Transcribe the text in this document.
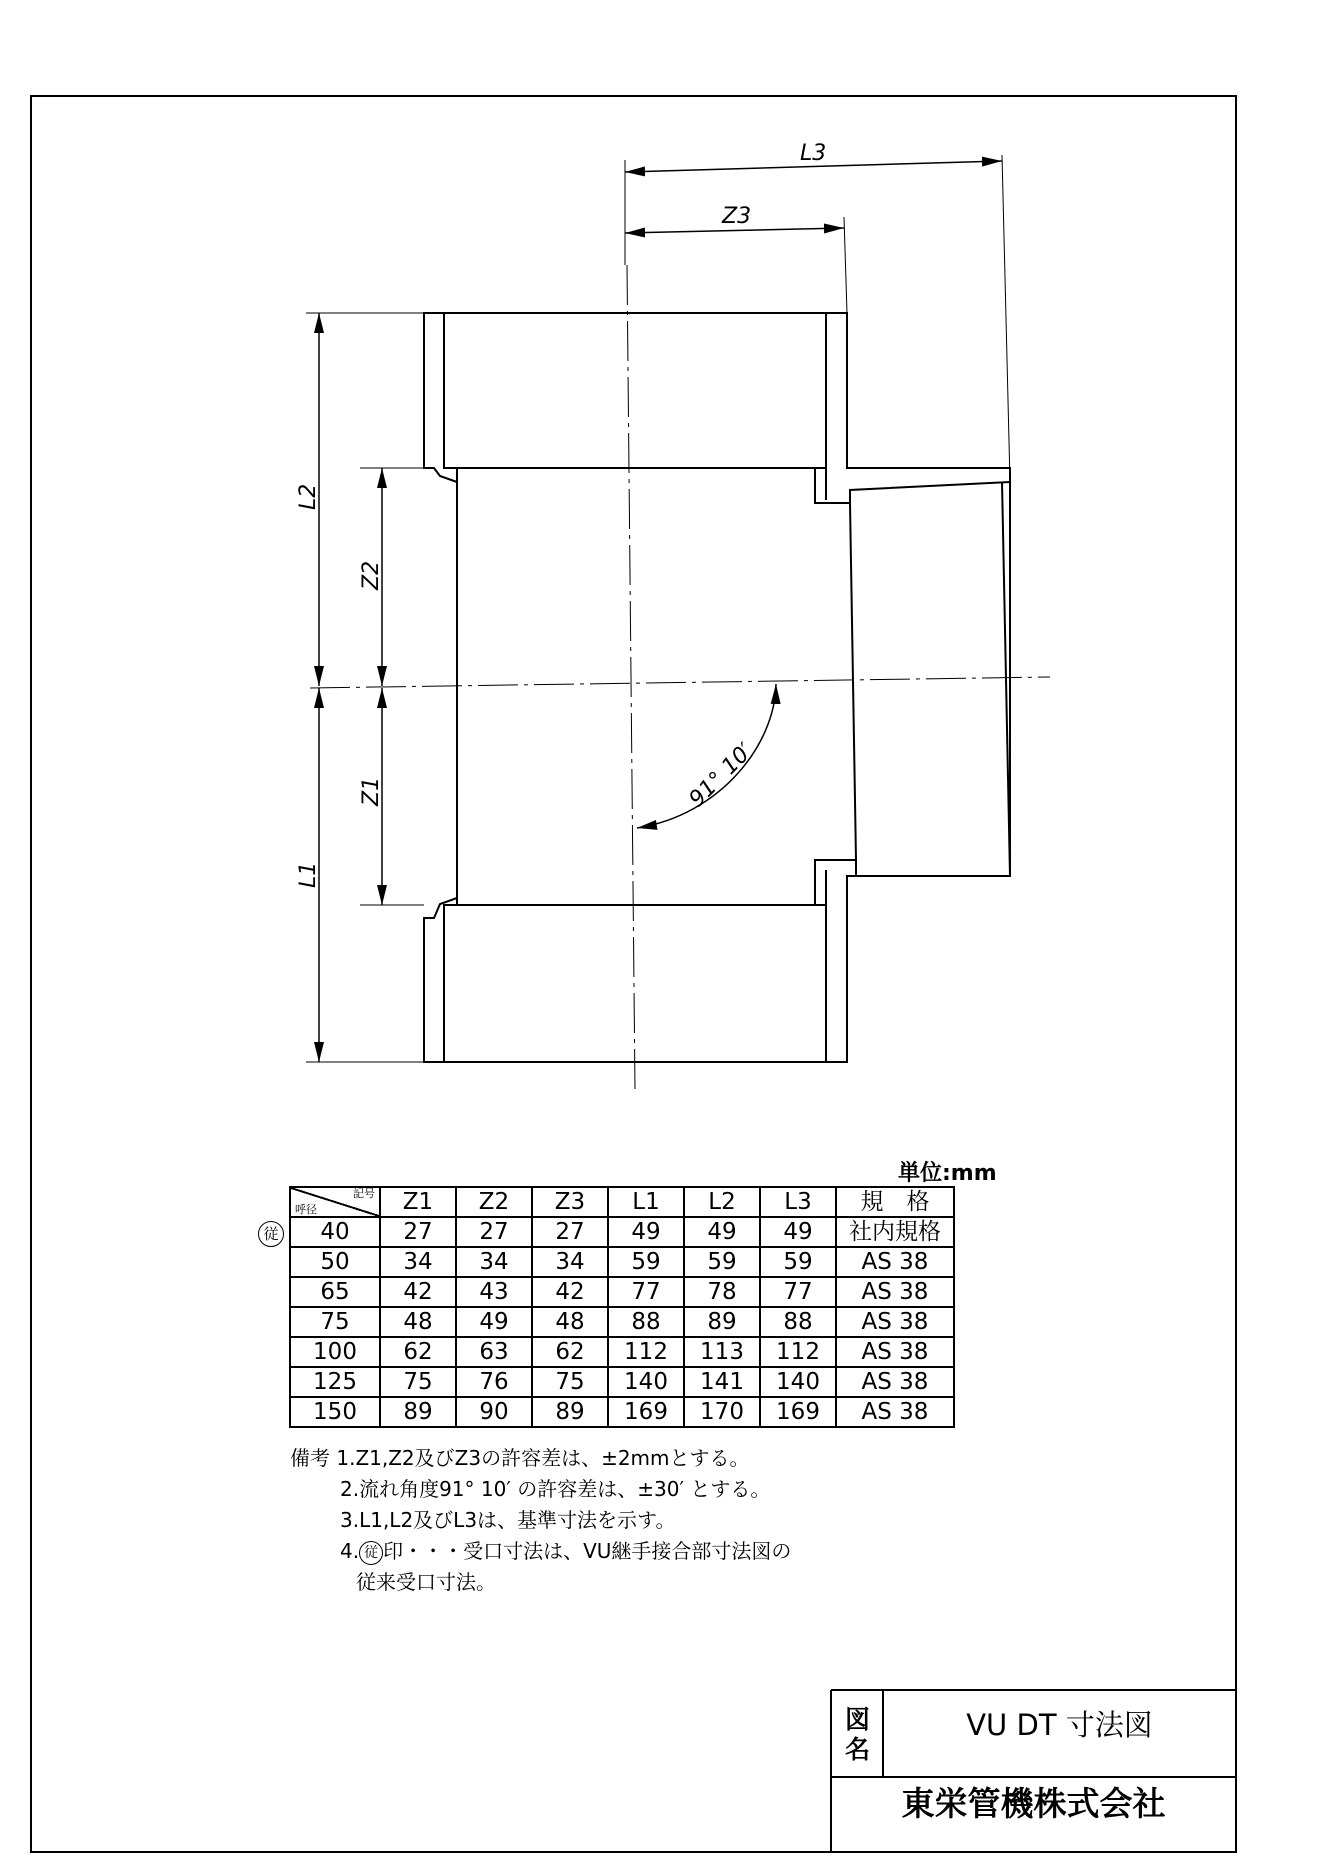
L3
Z3
L2
Z2
L1
Z1	91° 10′
単位:mm
従
記号
呼径	Z1	Z2	Z3	L1	L2	L3	規　格
40	27	27	27	49	49	49	社内規格
50	34	34	34	59	59	59	AS 38
65	42	43	42	77	78	77	AS 38
75	48	49	48	88	89	88	AS 38
100	62	63	62	112	113	112	AS 38
125	75	76	75	140	141	140	AS 38
150	89	90	89	169	170	169	AS 38
備考 1.Z1,Z2及びZ3の許容差は、±2mmとする。
2.流れ角度91° 10′ の許容差は、±30′ とする。
3.L1,L2及びL3は、基準寸法を示す。
4. 従 印・・・受口寸法は、VU継手接合部寸法図の
従来受口寸法。
図
名
VU DT 寸法図
東栄管機株式会社
